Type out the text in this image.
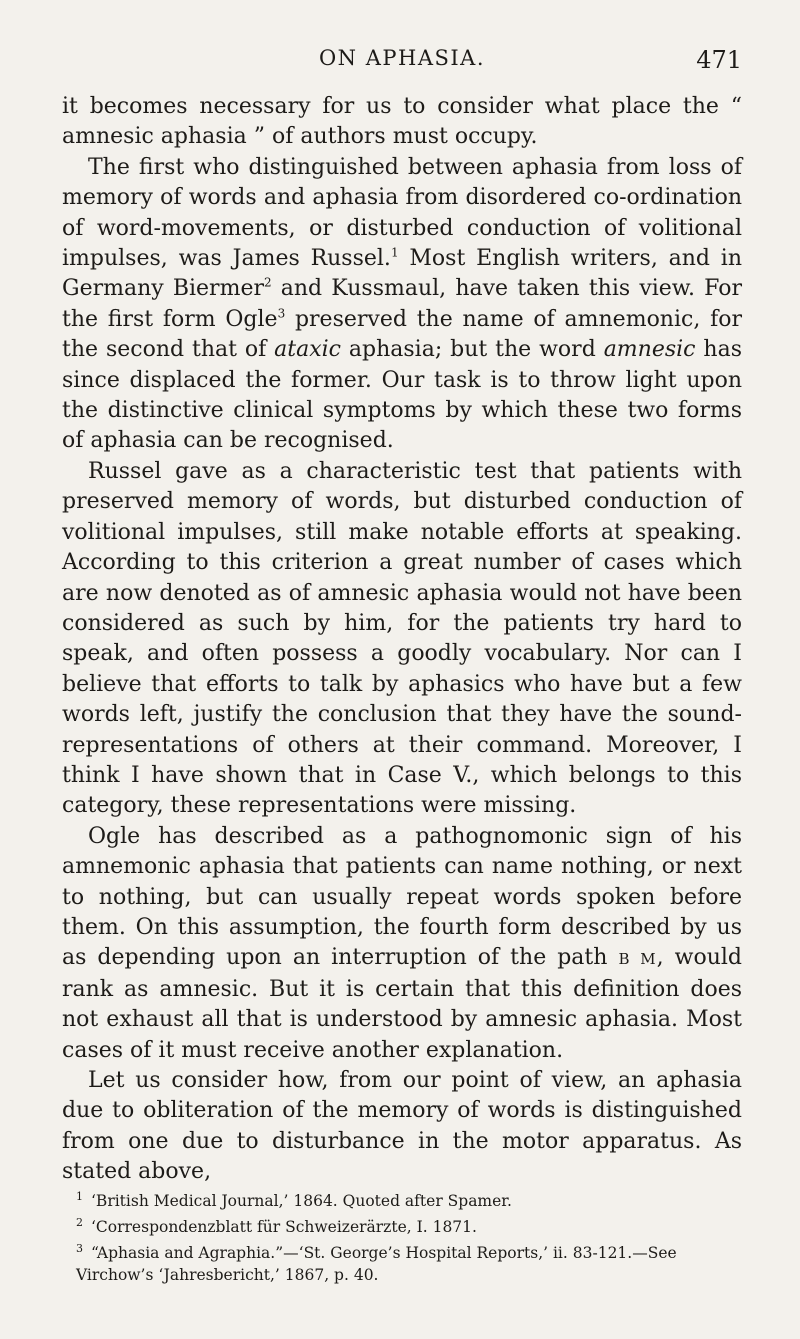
ON APHASIA.	471

it becomes necessary for us to consider what place the “ amnesic aphasia ” of authors must occupy.

The first who distinguished between aphasia from loss of memory of words and aphasia from disordered co-ordination of word-movements, or disturbed conduction of volitional impulses, was James Russel.$^1$ Most English writers, and in Germany Biermer$^2$ and Kussmaul, have taken this view. For the first form Ogle$^3$ preserved the name of amnemonic, for the second that of ataxic aphasia; but the word amnesic has since displaced the former. Our task is to throw light upon the distinctive clinical symptoms by which these two forms of aphasia can be recognised.

Russel gave as a characteristic test that patients with preserved memory of words, but disturbed conduction of volitional impulses, still make notable efforts at speaking. According to this criterion a great number of cases which are now denoted as of amnesic aphasia would not have been considered as such by him, for the patients try hard to speak, and often possess a goodly vocabulary. Nor can I believe that efforts to talk by aphasics who have but a few words left, justify the conclusion that they have the sound-representations of others at their command. Moreover, I think I have shown that in Case V., which belongs to this category, these representations were missing.

Ogle has described as a pathognomonic sign of his amnemonic aphasia that patients can name nothing, or next to nothing, but can usually repeat words spoken before them. On this assumption, the fourth form described by us as depending upon an interruption of the path B M, would rank as amnesic. But it is certain that this definition does not exhaust all that is understood by amnesic aphasia. Most cases of it must receive another explanation.

Let us consider how, from our point of view, an aphasia due to obliteration of the memory of words is distinguished from one due to disturbance in the motor apparatus. As stated above,

$^1$ ‘British Medical Journal,’ 1864. Quoted after Spamer.

$^2$ ‘Correspondenzblatt für Schweizerärzte, I. 1871.

$^3$ “Aphasia and Agraphia.”—‘St. George’s Hospital Reports,’ ii. 83-121.—See Virchow’s ‘Jahresbericht,’ 1867, p. 40.
